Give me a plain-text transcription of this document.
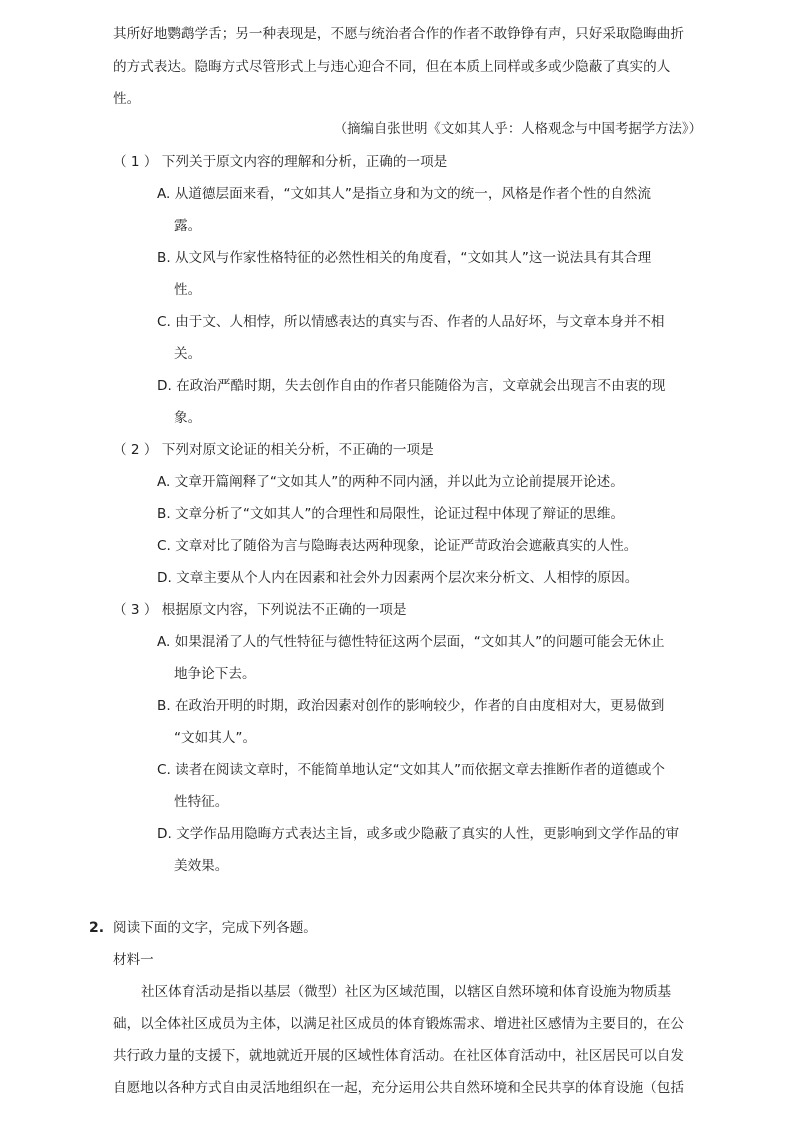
其所好地鹦鹉学舌；另一种表现是，不愿与统治者合作的作者不敢铮铮有声，只好采取隐晦曲折
的方式表达。隐晦方式尽管形式上与违心迎合不同，但在本质上同样或多或少隐蔽了真实的人
性。
（摘编自张世明《文如其人乎：人格观念与中国考据学方法》）
（ 1 ） 下列关于原文内容的理解和分析，正确的一项是
A. 从道德层面来看，“文如其人”是指立身和为文的统一，风格是作者个性的自然流
露。
B. 从文风与作家性格特征的必然性相关的角度看，“文如其人”这一说法具有其合理
性。
C. 由于文、人相悖，所以情感表达的真实与否、作者的人品好坏，与文章本身并不相
关。
D. 在政治严酷时期，失去创作自由的作者只能随俗为言，文章就会出现言不由衷的现
象。
（ 2 ） 下列对原文论证的相关分析，不正确的一项是
A. 文章开篇阐释了“文如其人”的两种不同内涵，并以此为立论前提展开论述。
B. 文章分析了“文如其人”的合理性和局限性，论证过程中体现了辩证的思维。
C. 文章对比了随俗为言与隐晦表达两种现象，论证严苛政治会遮蔽真实的人性。
D. 文章主要从个人内在因素和社会外力因素两个层次来分析文、人相悖的原因。
（ 3 ） 根据原文内容，下列说法不正确的一项是
A. 如果混淆了人的气性特征与德性特征这两个层面，“文如其人”的问题可能会无休止
地争论下去。
B. 在政治开明的时期，政治因素对创作的影响较少，作者的自由度相对大，更易做到
“文如其人”。
C. 读者在阅读文章时，不能简单地认定“文如其人”而依据文章去推断作者的道德或个
性特征。
D. 文学作品用隐晦方式表达主旨，或多或少隐蔽了真实的人性，更影响到文学作品的审
美效果。
2. 阅读下面的文字，完成下列各题。
材料一
社区体育活动是指以基层（微型）社区为区域范围，以辖区自然环境和体育设施为物质基
础，以全体社区成员为主体，以满足社区成员的体育锻炼需求、增进社区感情为主要目的，在公
共行政力量的支援下，就地就近开展的区域性体育活动。在社区体育活动中，社区居民可以自发
自愿地以各种方式自由灵活地组织在一起，充分运用公共自然环境和全民共享的体育设施（包括
